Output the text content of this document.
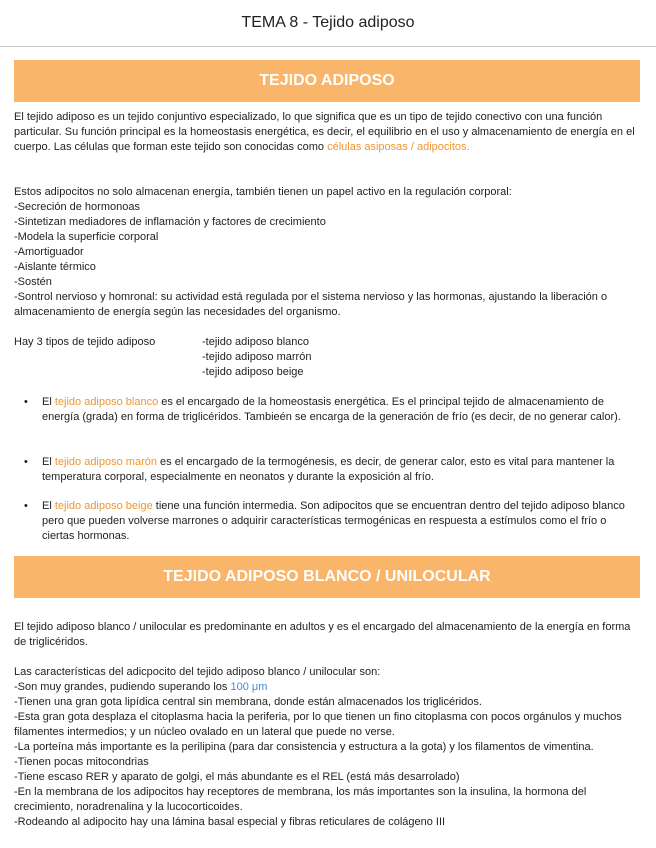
TEMA 8 - Tejido adiposo
TEJIDO ADIPOSO

El tejido adiposo es un tejido conjuntivo especializado, lo que significa que es un tipo de tejido conectivo con una función particular. Su función principal es la homeostasis energética, es decir, el equilibrio en el uso y almacenamiento de energía en el cuerpo. Las células que forman este tejido son conocidas como células asiposas / adipocitos.

Estos adipocitos no solo almacenan energía, también tienen un papel activo en la regulación corporal:
-Secreción de hormonoas
-Sintetizan mediadores de inflamación y factores de crecimiento
-Modela la superficie corporal
-Amortiguador
-Aislante térmico
-Sostén
-Sontrol nervioso y homronal: su actividad está regulada por el sistema nervioso y las hormonas, ajustando la liberación o almacenamiento de energía según las necesidades del organismo.
Hay 3 tipos de tejido adiposo	-tejido adiposo blanco
-tejido adiposo marrón
-tejido adiposo beige
• El tejido adiposo blanco es el encargado de la homeostasis energética. Es el principal tejido de almacenamiento de energía (grada) en forma de triglicéridos. Tambieén se encarga de la generación de frío (es decir, de no generar calor).
• El tejido adiposo marón es el encargado de la termogénesis, es decir, de generar calor, esto es vital para mantener la temperatura corporal, especialmente en neonatos y durante la exposición al frío.
• El tejido adiposo beige tiene una función intermedia. Son adipocitos que se encuentran dentro del tejido adiposo blanco pero que pueden volverse marrones o adquirir características termogénicas en respuesta a estímulos como el frío o ciertas hormonas.
TEJIDO ADIPOSO BLANCO / UNILOCULAR

El tejido adiposo blanco / unilocular es predominante en adultos y es el encargado del almacenamiento de la energía en forma de triglicéridos.

Las características del adicpocito del tejido adiposo blanco / unilocular son:
-Son muy grandes, pudiendo superando los 100 μm
-Tienen una gran gota lipídica central sin membrana, donde están almacenados los triglicéridos.
-Esta gran gota desplaza el citoplasma hacia la periferia, por lo que tienen un fino citoplasma con pocos orgánulos y muchos filamentes intermedios; y un núcleo ovalado en un lateral que puede no verse.
-La porteína más importante es la perilipina (para dar consistencia y estructura a la gota) y los filamentos de vimentina.
-Tienen pocas mitocondrias
-Tiene escaso RER y aparato de golgi, el más abundante es el REL (está más desarrolado)
-En la membrana de los adipocitos hay receptores de membrana, los más importantes son la insulina, la hormona del crecimiento, noradrenalina y la lucocorticoides.
-Rodeando al adipocito hay una lámina basal especial y fibras reticulares de colágeno III
